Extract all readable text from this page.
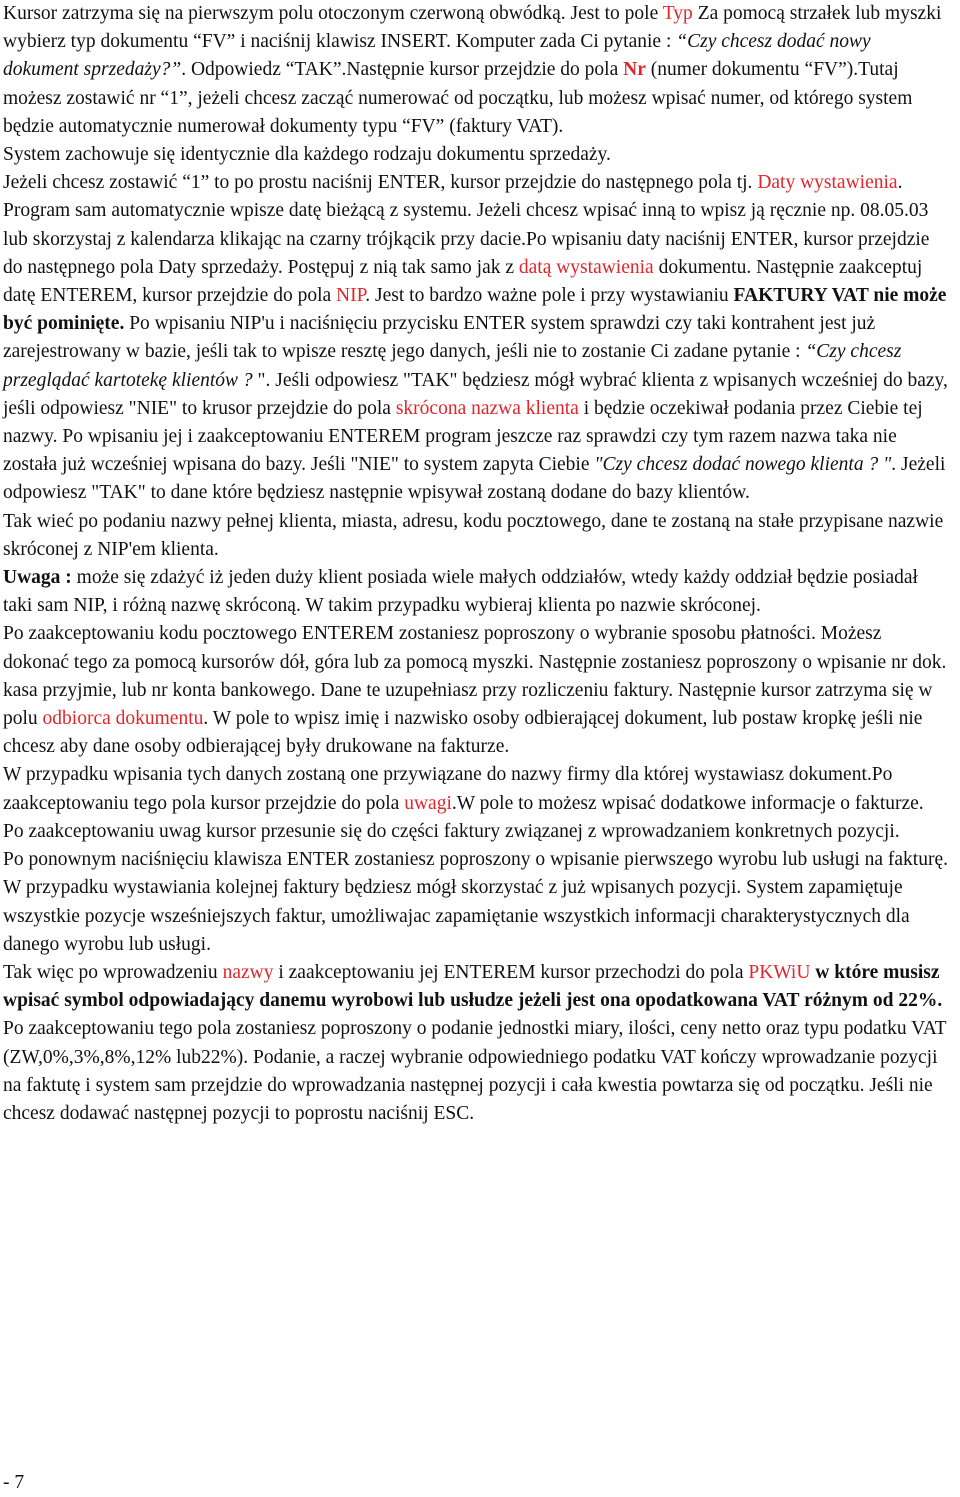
Kursor zatrzyma się na pierwszym polu otoczonym czerwoną obwódką. Jest to pole Typ Za pomocą strzałek lub myszki wybierz typ dokumentu “FV” i naciśnij klawisz INSERT. Komputer zada Ci pytanie : “Czy chcesz dodać nowy dokument sprzedaży?”. Odpowiedz “TAK”.Następnie kursor przejdzie do pola Nr (numer dokumentu “FV”).Tutaj możesz zostawić nr “1”, jeżeli chcesz zacząć numerować od początku, lub możesz wpisać numer, od którego system będzie automatycznie numerował dokumenty typu “FV” (faktury VAT).

System zachowuje się identycznie dla każdego rodzaju dokumentu sprzedaży.

Jeżeli chcesz zostawić “1” to po prostu naciśnij ENTER, kursor przejdzie do następnego pola tj. Daty wystawienia. Program sam automatycznie wpisze datę bieżącą z systemu. Jeżeli chcesz wpisać inną to wpisz ją ręcznie np. 08.05.03 lub skorzystaj z kalendarza klikając na czarny trójkącik przy dacie.Po wpisaniu daty naciśnij ENTER, kursor przejdzie do następnego pola Daty sprzedaży. Postępuj z nią tak samo jak z datą wystawienia dokumentu. Następnie zaakceptuj datę ENTEREM, kursor przejdzie do pola NIP. Jest to bardzo ważne pole i przy wystawianiu FAKTURY VAT nie może być pominięte. Po wpisaniu NIP'u i naciśnięciu przycisku ENTER system sprawdzi czy taki kontrahent jest już zarejestrowany w bazie, jeśli tak to wpisze resztę jego danych, jeśli nie to zostanie Ci zadane pytanie : “Czy chcesz przeglądać kartotekę klientów ? ". Jeśli odpowiesz "TAK" będziesz mógł wybrać klienta z wpisanych wcześniej do bazy, jeśli odpowiesz "NIE" to krusor przejdzie do pola skrócona nazwa klienta i będzie oczekiwał podania przez Ciebie tej nazwy. Po wpisaniu jej i zaakceptowaniu ENTEREM program jeszcze raz sprawdzi czy tym razem nazwa taka nie została już wcześniej wpisana do bazy. Jeśli "NIE" to system zapyta Ciebie "Czy chcesz dodać nowego klienta ? ". Jeżeli odpowiesz "TAK" to dane które będziesz następnie wpisywał zostaną dodane do bazy klientów.

Tak wieć po podaniu nazwy pełnej klienta, miasta, adresu, kodu pocztowego, dane te zostaną na stałe przypisane nazwie skróconej z NIP'em klienta.

Uwaga : może się zdażyć iż jeden duży klient posiada wiele małych oddziałów, wtedy każdy oddział będzie posiadał taki sam NIP, i różną nazwę skróconą. W takim przypadku wybieraj klienta po nazwie skróconej.

Po zaakceptowaniu kodu pocztowego ENTEREM zostaniesz poproszony o wybranie sposobu płatności. Możesz dokonać tego za pomocą kursorów dół, góra lub za pomocą myszki. Następnie zostaniesz poproszony o wpisanie nr dok. kasa przyjmie, lub nr konta bankowego. Dane te uzupełniasz przy rozliczeniu faktury. Następnie kursor zatrzyma się w polu odbiorca dokumentu. W pole to wpisz imię i nazwisko osoby odbierającej dokument, lub postaw kropkę jeśli nie chcesz aby dane osoby odbierającej były drukowane na fakturze.

W przypadku wpisania tych danych zostaną one przywiązane do nazwy firmy dla której wystawiasz dokument.Po zaakceptowaniu tego pola kursor przejdzie do pola uwagi.W pole to możesz wpisać dodatkowe informacje o fakturze.

Po zaakceptowaniu uwag kursor przesunie się do części faktury związanej z wprowadzaniem konkretnych pozycji.

Po ponownym naciśnięciu klawisza ENTER zostaniesz poproszony o wpisanie pierwszego wyrobu lub usługi na fakturę. W przypadku wystawiania kolejnej faktury będziesz mógł skorzystać z już wpisanych pozycji. System zapamiętuje wszystkie pozycje wsześniejszych faktur, umożliwajac zapamiętanie wszystkich informacji charakterystycznych dla danego wyrobu lub usługi.

Tak więc po wprowadzeniu nazwy i zaakceptowaniu jej ENTEREM kursor przechodzi do pola PKWiU w które musisz wpisać symbol odpowiadający danemu wyrobowi lub usłudze jeżeli jest ona opodatkowana VAT różnym od 22%.

Po zaakceptowaniu tego pola zostaniesz poproszony o podanie jednostki miary, ilości, ceny netto oraz typu podatku VAT (ZW,0%,3%,8%,12% lub22%). Podanie, a raczej wybranie odpowiedniego podatku VAT kończy wprowadzanie pozycji na faktutę i system sam przejdzie do wprowadzania następnej pozycji i cała kwestia powtarza się od początku. Jeśli nie chcesz dodawać następnej pozycji to poprostu naciśnij ESC.

- 7
